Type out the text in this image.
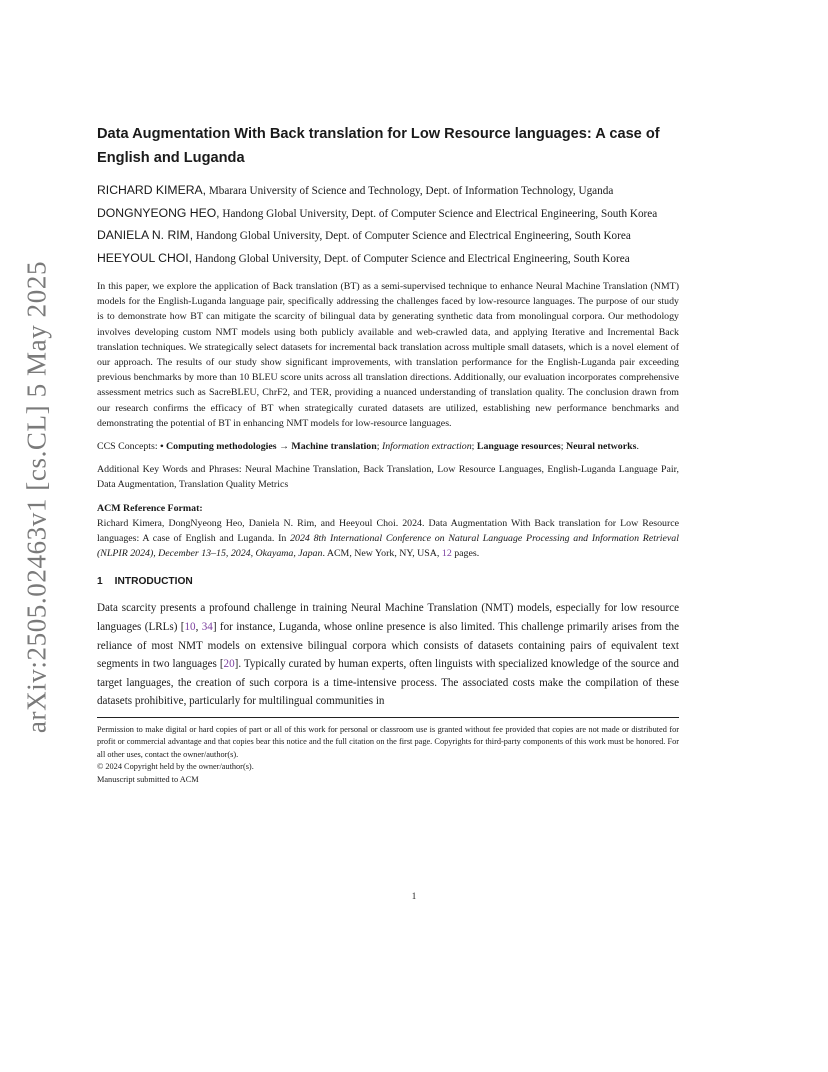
arXiv:2505.02463v1 [cs.CL] 5 May 2025
Data Augmentation With Back translation for Low Resource languages: A case of English and Luganda

RICHARD KIMERA, Mbarara University of Science and Technology, Dept. of Information Technology, Uganda

DONGNYEONG HEO, Handong Global University, Dept. of Computer Science and Electrical Engineering, South Korea

DANIELA N. RIM, Handong Global University, Dept. of Computer Science and Electrical Engineering, South Korea

HEEYOUL CHOI, Handong Global University, Dept. of Computer Science and Electrical Engineering, South Korea

In this paper, we explore the application of Back translation (BT) as a semi-supervised technique to enhance Neural Machine Translation (NMT) models for the English-Luganda language pair, specifically addressing the challenges faced by low-resource languages. The purpose of our study is to demonstrate how BT can mitigate the scarcity of bilingual data by generating synthetic data from monolingual corpora. Our methodology involves developing custom NMT models using both publicly available and web-crawled data, and applying Iterative and Incremental Back translation techniques. We strategically select datasets for incremental back translation across multiple small datasets, which is a novel element of our approach. The results of our study show significant improvements, with translation performance for the English-Luganda pair exceeding previous benchmarks by more than 10 BLEU score units across all translation directions. Additionally, our evaluation incorporates comprehensive assessment metrics such as SacreBLEU, ChrF2, and TER, providing a nuanced understanding of translation quality. The conclusion drawn from our research confirms the efficacy of BT when strategically curated datasets are utilized, establishing new performance benchmarks and demonstrating the potential of BT in enhancing NMT models for low-resource languages.

CCS Concepts: • Computing methodologies → Machine translation; Information extraction; Language resources; Neural networks.

Additional Key Words and Phrases: Neural Machine Translation, Back Translation, Low Resource Languages, English-Luganda Language Pair, Data Augmentation, Translation Quality Metrics

ACM Reference Format:

Richard Kimera, DongNyeong Heo, Daniela N. Rim, and Heeyoul Choi. 2024. Data Augmentation With Back translation for Low Resource languages: A case of English and Luganda. In 2024 8th International Conference on Natural Language Processing and Information Retrieval (NLPIR 2024), December 13–15, 2024, Okayama, Japan. ACM, New York, NY, USA, 12 pages.

1 INTRODUCTION

Data scarcity presents a profound challenge in training Neural Machine Translation (NMT) models, especially for low resource languages (LRLs) [10, 34] for instance, Luganda, whose online presence is also limited. This challenge primarily arises from the reliance of most NMT models on extensive bilingual corpora which consists of datasets containing pairs of equivalent text segments in two languages [20]. Typically curated by human experts, often linguists with specialized knowledge of the source and target languages, the creation of such corpora is a time-intensive process. The associated costs make the compilation of these datasets prohibitive, particularly for multilingual communities in

Permission to make digital or hard copies of part or all of this work for personal or classroom use is granted without fee provided that copies are not made or distributed for profit or commercial advantage and that copies bear this notice and the full citation on the first page. Copyrights for third-party components of this work must be honored. For all other uses, contact the owner/author(s).

© 2024 Copyright held by the owner/author(s).

Manuscript submitted to ACM

1
